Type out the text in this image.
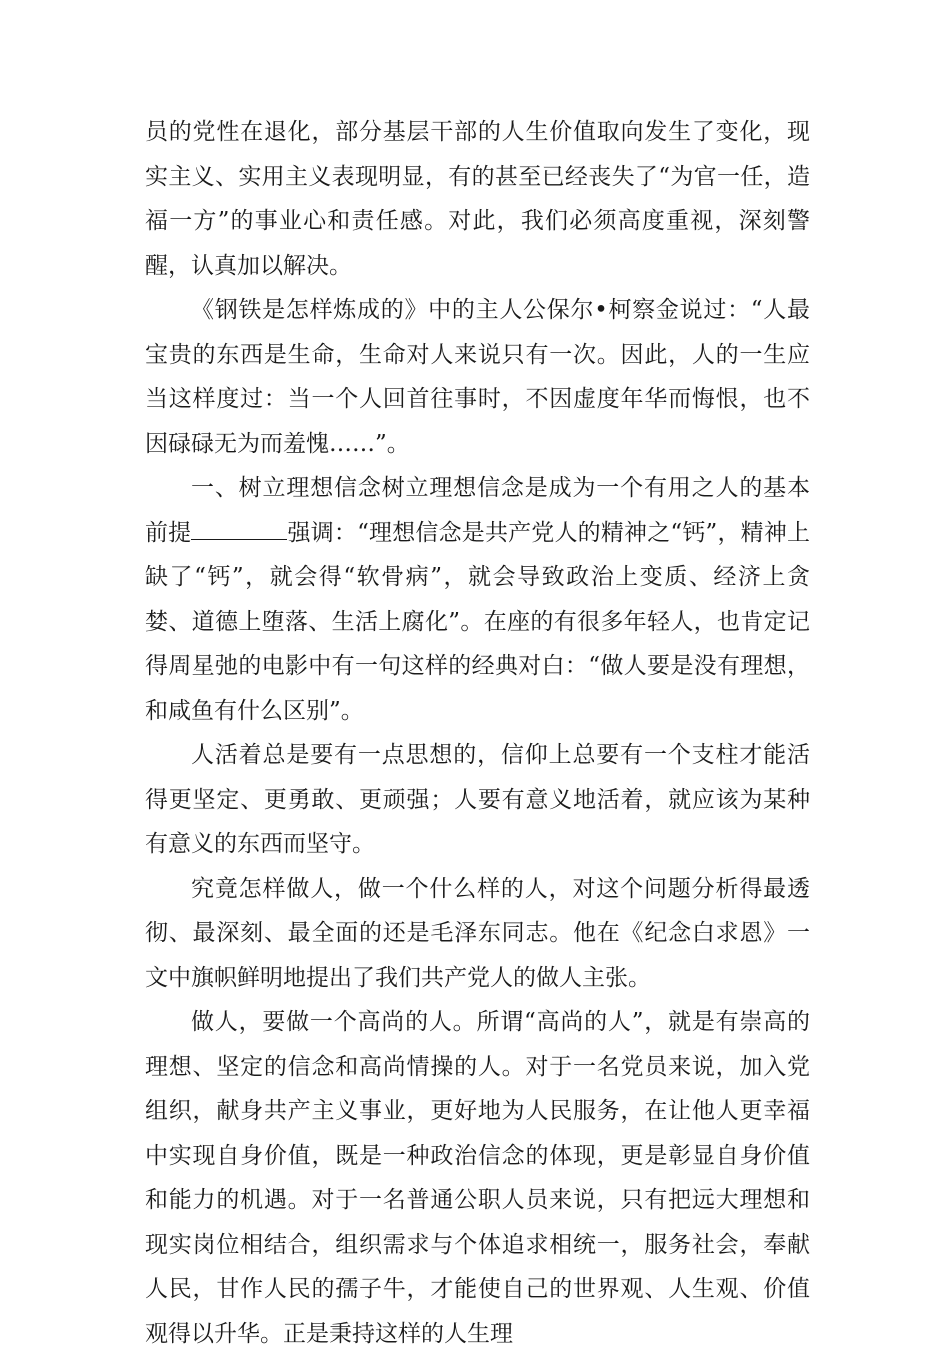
员的党性在退化，部分基层干部的人生价值取向发生了变化，现实主义、实用主义表现明显，有的甚至已经丧失了“为官一任，造福一方”的事业心和责任感。对此，我们必须高度重视，深刻警醒，认真加以解决。

《钢铁是怎样炼成的》中的主人公保尔•柯察金说过：“人最宝贵的东西是生命，生命对人来说只有一次。因此，人的一生应当这样度过：当一个人回首往事时，不因虚度年华而悔恨，也不因碌碌无为而羞愧……”。

一、树立理想信念树立理想信念是成为一个有用之人的基本前提	强调：“理想信念是共产党人的精神之“钙”，精神上缺了“钙”，就会得“软骨病”，就会导致政治上变质、经济上贪婪、道德上堕落、生活上腐化”。在座的有很多年轻人，也肯定记得周星弛的电影中有一句这样的经典对白：“做人要是没有理想，和咸鱼有什么区别”。

人活着总是要有一点思想的，信仰上总要有一个支柱才能活得更坚定、更勇敢、更顽强；人要有意义地活着，就应该为某种有意义的东西而坚守。

究竟怎样做人，做一个什么样的人，对这个问题分析得最透彻、最深刻、最全面的还是毛泽东同志。他在《纪念白求恩》一文中旗帜鲜明地提出了我们共产党人的做人主张。

做人，要做一个高尚的人。所谓“高尚的人”，就是有崇高的理想、坚定的信念和高尚情操的人。对于一名党员来说，加入党组织，献身共产主义事业，更好地为人民服务，在让他人更幸福中实现自身价值，既是一种政治信念的体现，更是彰显自身价值和能力的机遇。对于一名普通公职人员来说，只有把远大理想和现实岗位相结合，组织需求与个体追求相统一，服务社会，奉献人民，甘作人民的孺子牛，才能使自己的世界观、人生观、价值观得以升华。正是秉持这样的人生理
